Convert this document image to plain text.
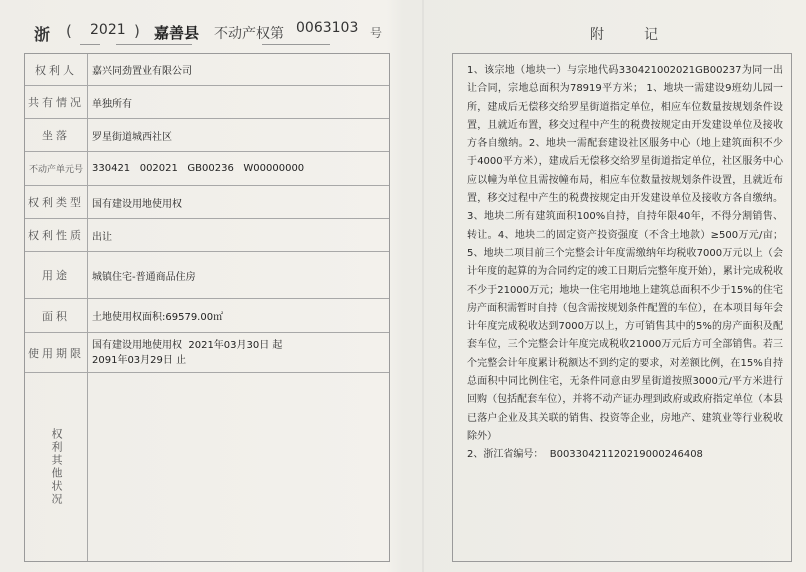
浙 ( 2021 ) 嘉善县 不动产权第 0063103 号
权利人	嘉兴同劲置业有限公司
共有情况 单独所有
坐落	罗星街道城西社区
不动产单元号 330421   002021   GB00236   W00000000
权利类型 国有建设用地使用权
权利性质 出让
用途	城镇住宅-普通商品住房
面积	土地使用权面积:69579.00㎡
使用期限
国有建设用地使用权  2021年03月30日 起
2091年03月29日 止
权利其他状况
附记

1、该宗地（地块一）与宗地代码330421002021GB00237为同一出让合同，宗地总面积为78919平方米； 1、地块一需建设9班幼儿园一所，建成后无偿移交给罗星街道指定单位，相应车位数量按规划条件设置，且就近布置，移交过程中产生的税费按规定由开发建设单位及接收方各自缴纳。2、地块一需配套建设社区服务中心（地上建筑面积不少于4000平方米），建成后无偿移交给罗星街道指定单位，社区服务中心应以幢为单位且需按幢布局，相应车位数量按规划条件设置，且就近布置，移交过程中产生的税费按规定由开发建设单位及接收方各自缴纳。3、地块二所有建筑面积100%自持，自持年限40年，不得分割销售、转让。4、地块二的固定资产投资强度（不含土地款）≥500万元/亩；5、地块二项目前三个完整会计年度需缴纳年均税收7000万元以上（会计年度的起算的为合同约定的竣工日期后完整年度开始），累计完成税收不少于21000万元；地块一住宅用地地上建筑总面积不少于15%的住宅房产面积需暂时自持（包含需按规划条件配置的车位），在本项目每年会计年度完成税收达到7000万以上，方可销售其中的5%的房产面积及配套车位，三个完整会计年度完成税收21000万元后方可全部销售。若三个完整会计年度累计税额达不到约定的要求，对差额比例，在15%自持总面积中同比例住宅，无条件同意由罗星街道按照3000元/平方米进行回购（包括配套车位），并将不动产证办理到政府或政府指定单位（本县已落户企业及其关联的销售、投资等企业，房地产、建筑业等行业税收除外）

2、浙江省编号：  B00330421120219000246408
